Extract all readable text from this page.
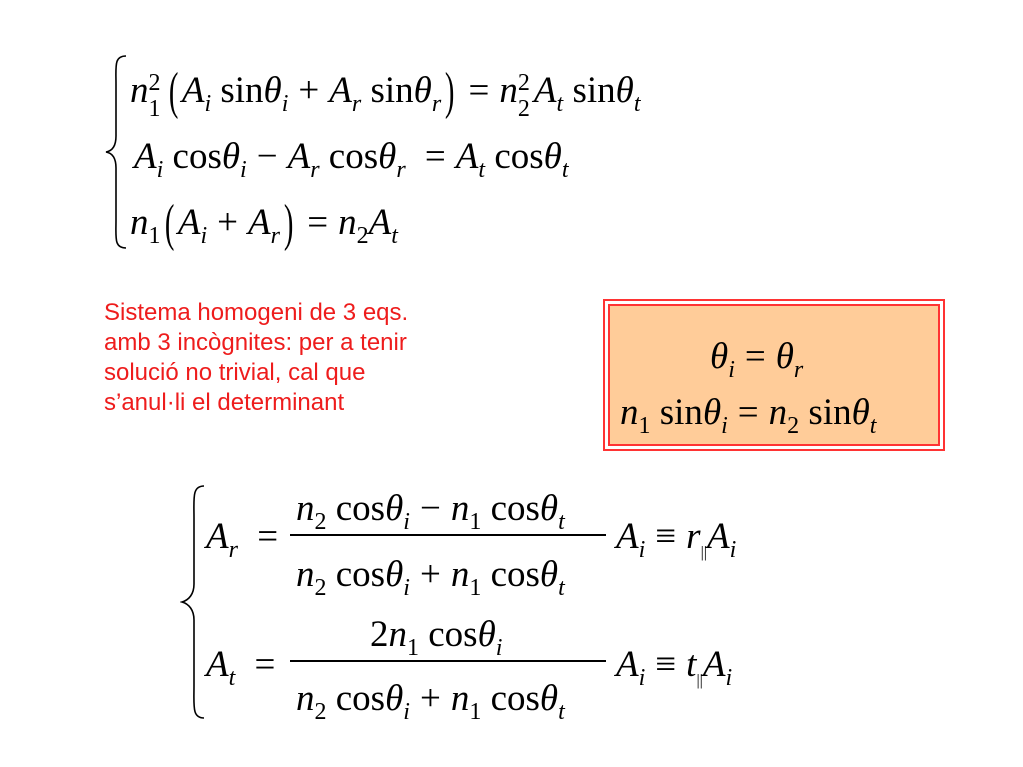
n 2
1 ( $A_i$ $\sin\theta_i + A_r$ sinθ$_r$) = n 2
2 $A_t$ sinθ$_t$
$A_i$ $\cos\theta_i - A_r$ $\cos\theta_r = A_t$ cosθ$_t$
$n_1$( $A_i + A_r) = n_2A_t$
Sistema homogeni de 3 eqs.
amb 3 incògnites: per a tenir
solució no trivial, cal que
s’anul·li el determinant
$\theta_i = \theta_r$
$n_1$ $\sin\theta_i = n_2$ sinθ$_t$
$A_r$ =
$n_2$ $\cos\theta_i - n_1$ cosθ$_t$
$n_2$ $\cos\theta_i + n_1$ cosθ$_t$
$A_i \equiv r_{||}A_i$
$A_t$ =
$2n_1$ cosθ$_i$
$n_2$ $\cos\theta_i + n_1$ cosθ$_t$
$A_i \equiv t_{||}A_i$
